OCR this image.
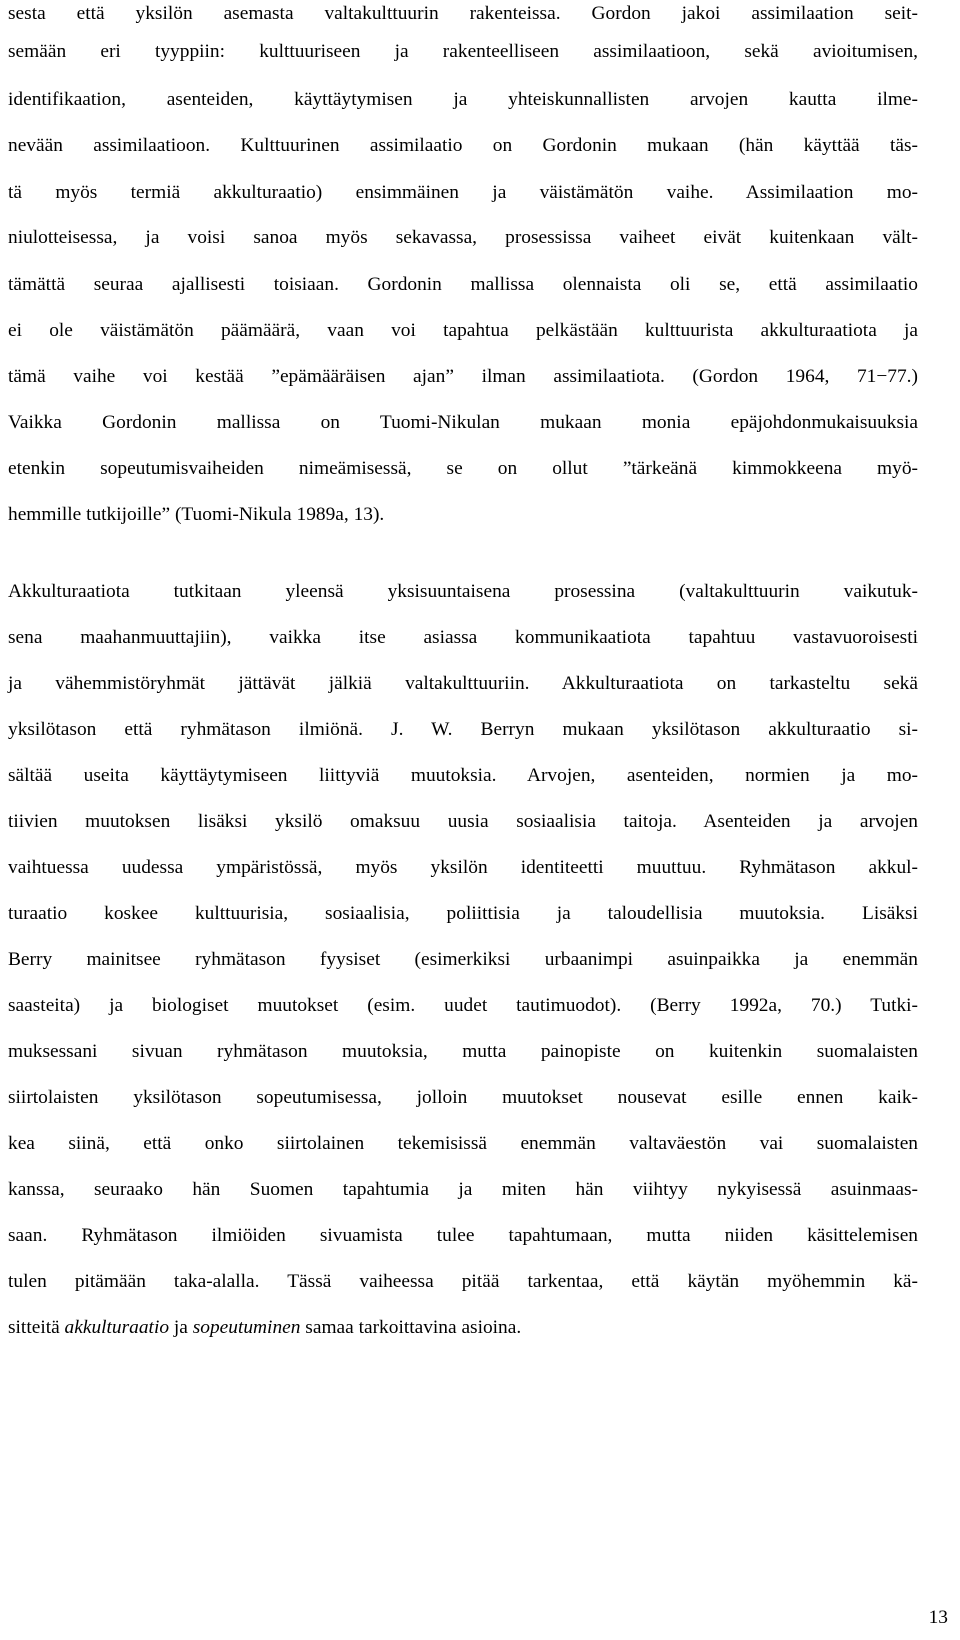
sesta että yksilön asemasta valtakulttuurin rakenteissa. Gordon jakoi assimilaation seit-
semään eri tyyppiin: kulttuuriseen ja rakenteelliseen assimilaatioon, sekä avioitumisen,
identifikaation, asenteiden, käyttäytymisen ja yhteiskunnallisten arvojen kautta ilme-
nevään assimilaatioon. Kulttuurinen assimilaatio on Gordonin mukaan (hän käyttää täs-
tä myös termiä akkulturaatio) ensimmäinen ja väistämätön vaihe. Assimilaation mo-
niulotteisessa, ja voisi sanoa myös sekavassa, prosessissa vaiheet eivät kuitenkaan vält-
tämättä seuraa ajallisesti toisiaan. Gordonin mallissa olennaista oli se, että assimilaatio
ei ole väistämätön päämäärä, vaan voi tapahtua pelkästään kulttuurista akkulturaatiota ja
tämä vaihe voi kestää ”epämääräisen ajan” ilman assimilaatiota. (Gordon 1964, 71−77.)
Vaikka Gordonin mallissa on Tuomi-Nikulan mukaan monia epäjohdonmukaisuuksia
etenkin sopeutumisvaiheiden nimeämisessä, se on ollut ”tärkeänä kimmokkeena myö-
hemmille tutkijoille” (Tuomi-Nikula 1989a, 13).
Akkulturaatiota tutkitaan yleensä yksisuuntaisena prosessina (valtakulttuurin vaikutuk-
sena maahanmuuttajiin), vaikka itse asiassa kommunikaatiota tapahtuu vastavuoroisesti
ja vähemmistöryhmät jättävät jälkiä valtakulttuuriin. Akkulturaatiota on tarkasteltu sekä
yksilötason että ryhmätason ilmiönä. J. W. Berryn mukaan yksilötason akkulturaatio si-
sältää useita käyttäytymiseen liittyviä muutoksia. Arvojen, asenteiden, normien ja mo-
tiivien muutoksen lisäksi yksilö omaksuu uusia sosiaalisia taitoja. Asenteiden ja arvojen
vaihtuessa uudessa ympäristössä, myös yksilön identiteetti muuttuu. Ryhmätason akkul-
turaatio koskee kulttuurisia, sosiaalisia, poliittisia ja taloudellisia muutoksia. Lisäksi
Berry mainitsee ryhmätason fyysiset (esimerkiksi urbaanimpi asuinpaikka ja enemmän
saasteita) ja biologiset muutokset (esim. uudet tautimuodot). (Berry 1992a, 70.) Tutki-
muksessani sivuan ryhmätason muutoksia, mutta painopiste on kuitenkin suomalaisten
siirtolaisten yksilötason sopeutumisessa, jolloin muutokset nousevat esille ennen kaik-
kea siinä, että onko siirtolainen tekemisissä enemmän valtaväestön vai suomalaisten
kanssa, seuraako hän Suomen tapahtumia ja miten hän viihtyy nykyisessä asuinmaas-
saan. Ryhmätason ilmiöiden sivuamista tulee tapahtumaan, mutta niiden käsittelemisen
tulen pitämään taka-alalla. Tässä vaiheessa pitää tarkentaa, että käytän myöhemmin kä-
sitteitä akkulturaatio ja sopeutuminen samaa tarkoittavina asioina.
13
